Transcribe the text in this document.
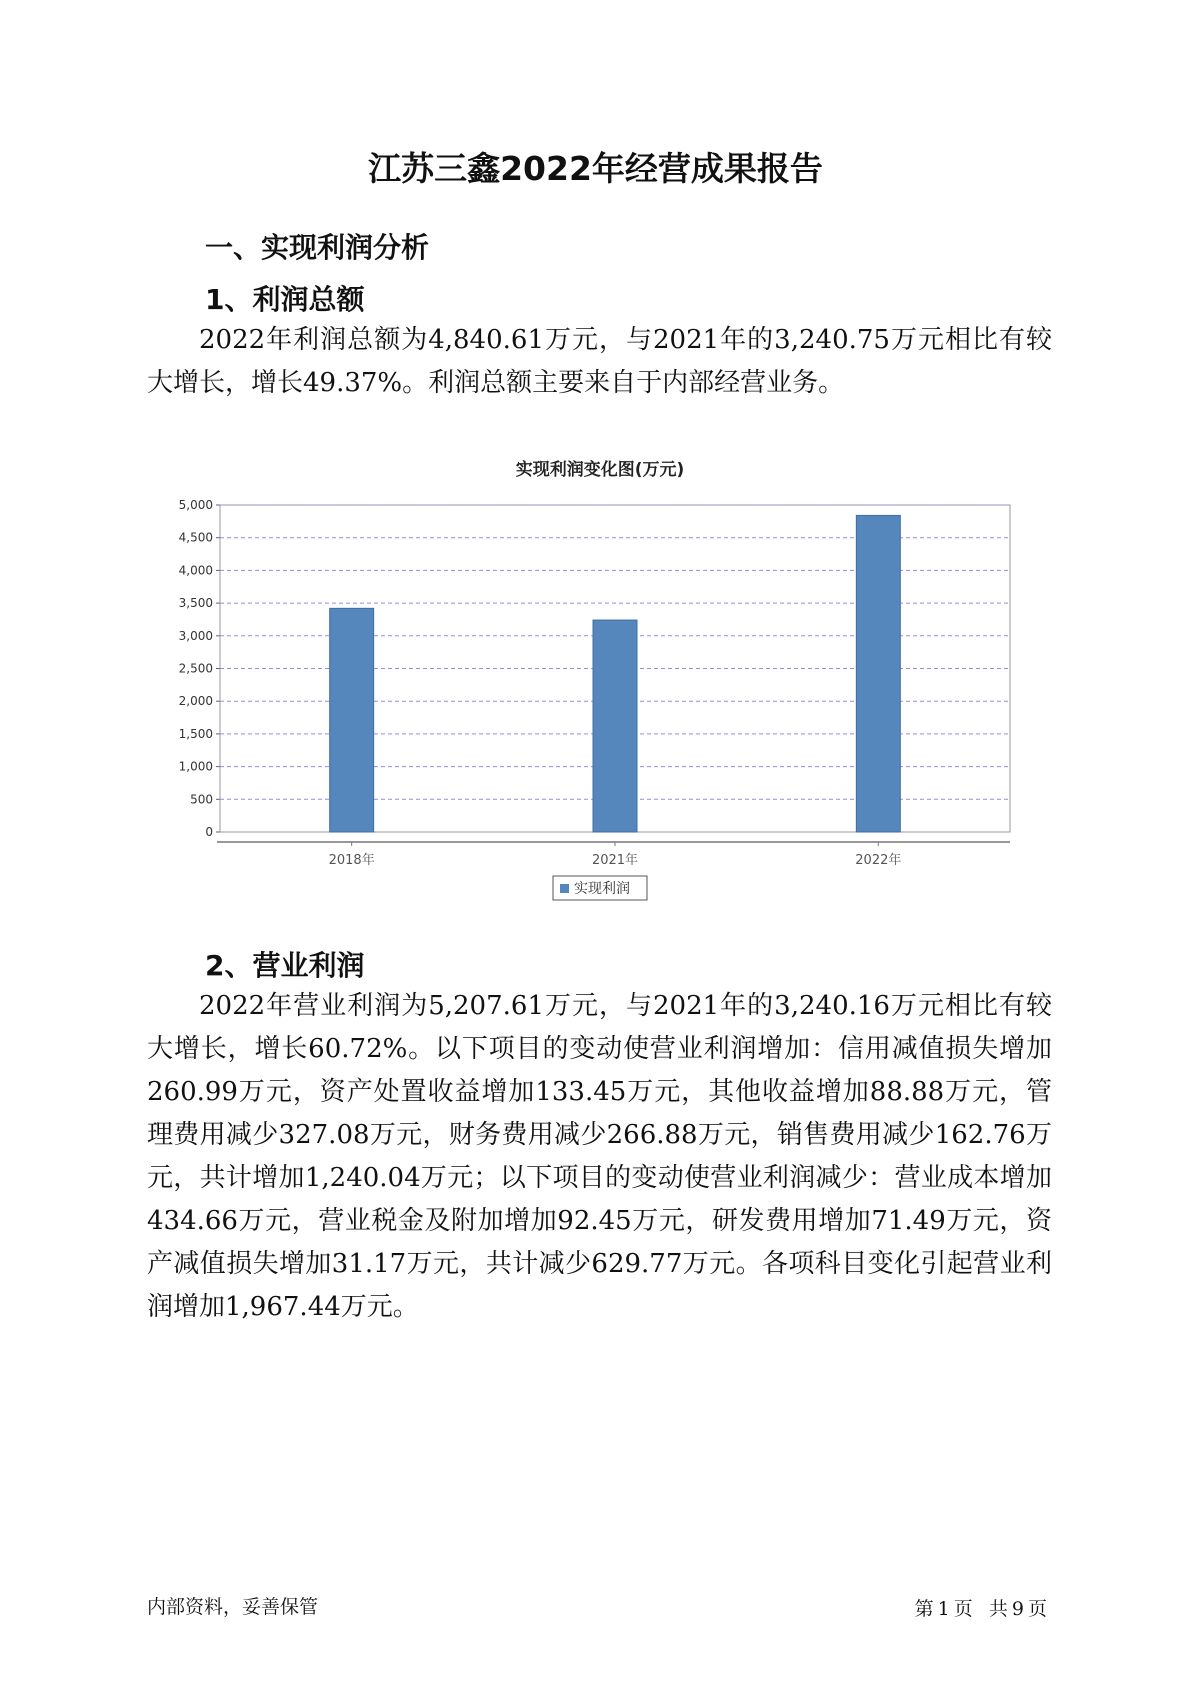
江苏三鑫2022年经营成果报告
一、实现利润分析
1、利润总额
2022年利润总额为4,840.61万元，与2021年的3,240.75万元相比有较大增长，增长49.37%。利润总额主要来自于内部经营业务。
实现利润变化图(万元)
0
500
1,000
1,500
2,000
2,500
3,000
3,500
4,000
4,500
5,000
2018年	2021年	2022年
实现利润
2、营业利润
2022年营业利润为5,207.61万元，与2021年的3,240.16万元相比有较大增长，增长60.72%。以下项目的变动使营业利润增加：信用减值损失增加260.99万元，资产处置收益增加133.45万元，其他收益增加88.88万元，管理费用减少327.08万元，财务费用减少266.88万元，销售费用减少162.76万元，共计增加1,240.04万元；以下项目的变动使营业利润减少：营业成本增加434.66万元，营业税金及附加增加92.45万元，研发费用增加71.49万元，资产减值损失增加31.17万元，共计减少629.77万元。各项科目变化引起营业利润增加1,967.44万元。
内部资料，妥善保管	第 1 页 共 9 页
